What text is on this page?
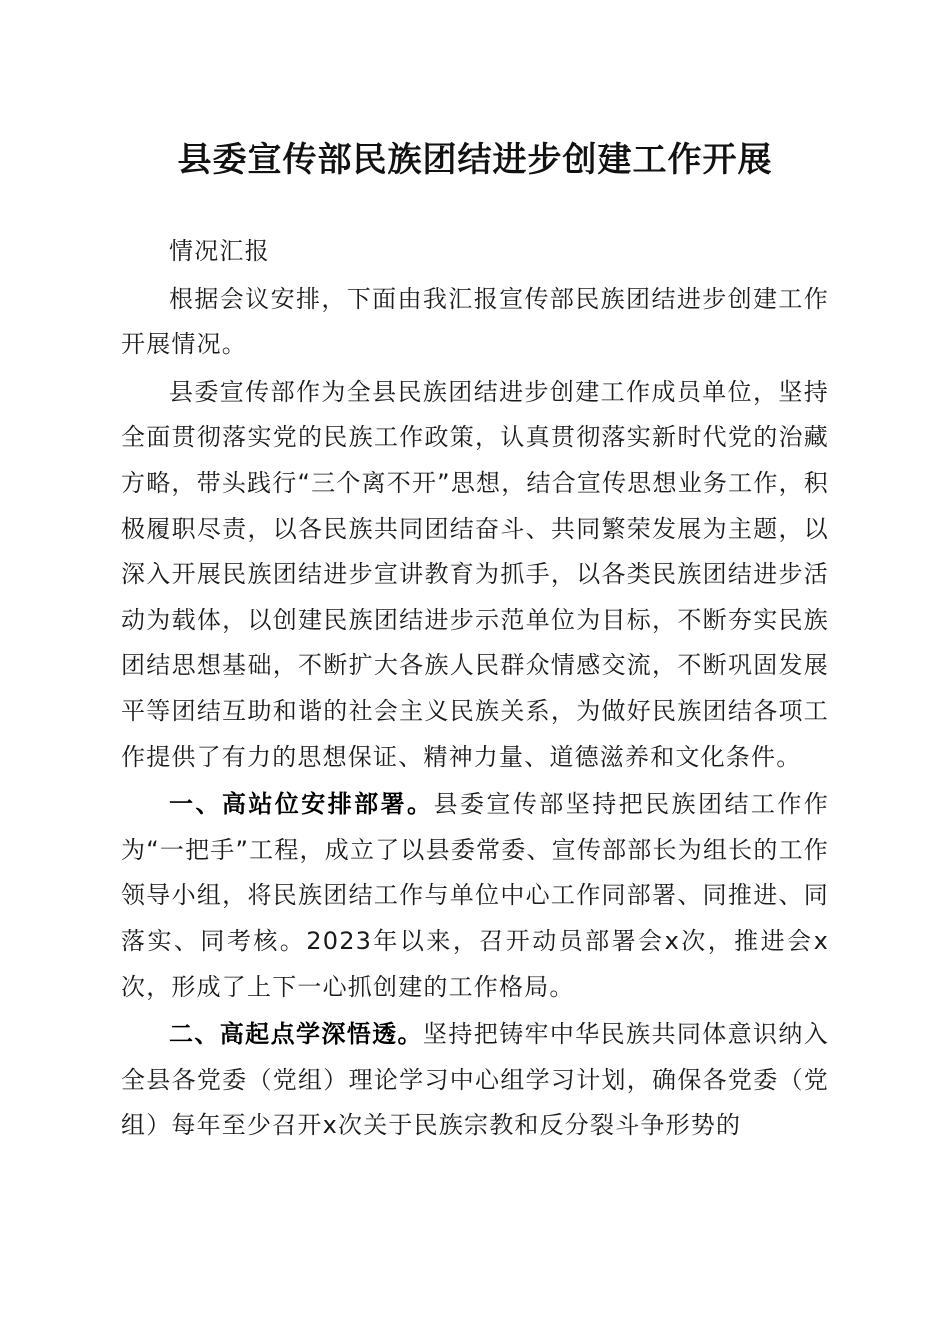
县委宣传部民族团结进步创建工作开展

情况汇报

根据会议安排，下面由我汇报宣传部民族团结进步创建工作开展情况。

县委宣传部作为全县民族团结进步创建工作成员单位，坚持全面贯彻落实党的民族工作政策，认真贯彻落实新时代党的治藏方略，带头践行“三个离不开”思想，结合宣传思想业务工作，积极履职尽责，以各民族共同团结奋斗、共同繁荣发展为主题，以深入开展民族团结进步宣讲教育为抓手，以各类民族团结进步活动为载体，以创建民族团结进步示范单位为目标，不断夯实民族团结思想基础，不断扩大各族人民群众情感交流，不断巩固发展平等团结互助和谐的社会主义民族关系，为做好民族团结各项工作提供了有力的思想保证、精神力量、道德滋养和文化条件。

一、高站位安排部署。县委宣传部坚持把民族团结工作作为“一把手”工程，成立了以县委常委、宣传部部长为组长的工作领导小组，将民族团结工作与单位中心工作同部署、同推进、同落实、同考核。2023年以来，召开动员部署会x次，推进会x次，形成了上下一心抓创建的工作格局。

二、高起点学深悟透。坚持把铸牢中华民族共同体意识纳入全县各党委（党组）理论学习中心组学习计划，确保各党委（党组）每年至少召开x次关于民族宗教和反分裂斗争形势的
